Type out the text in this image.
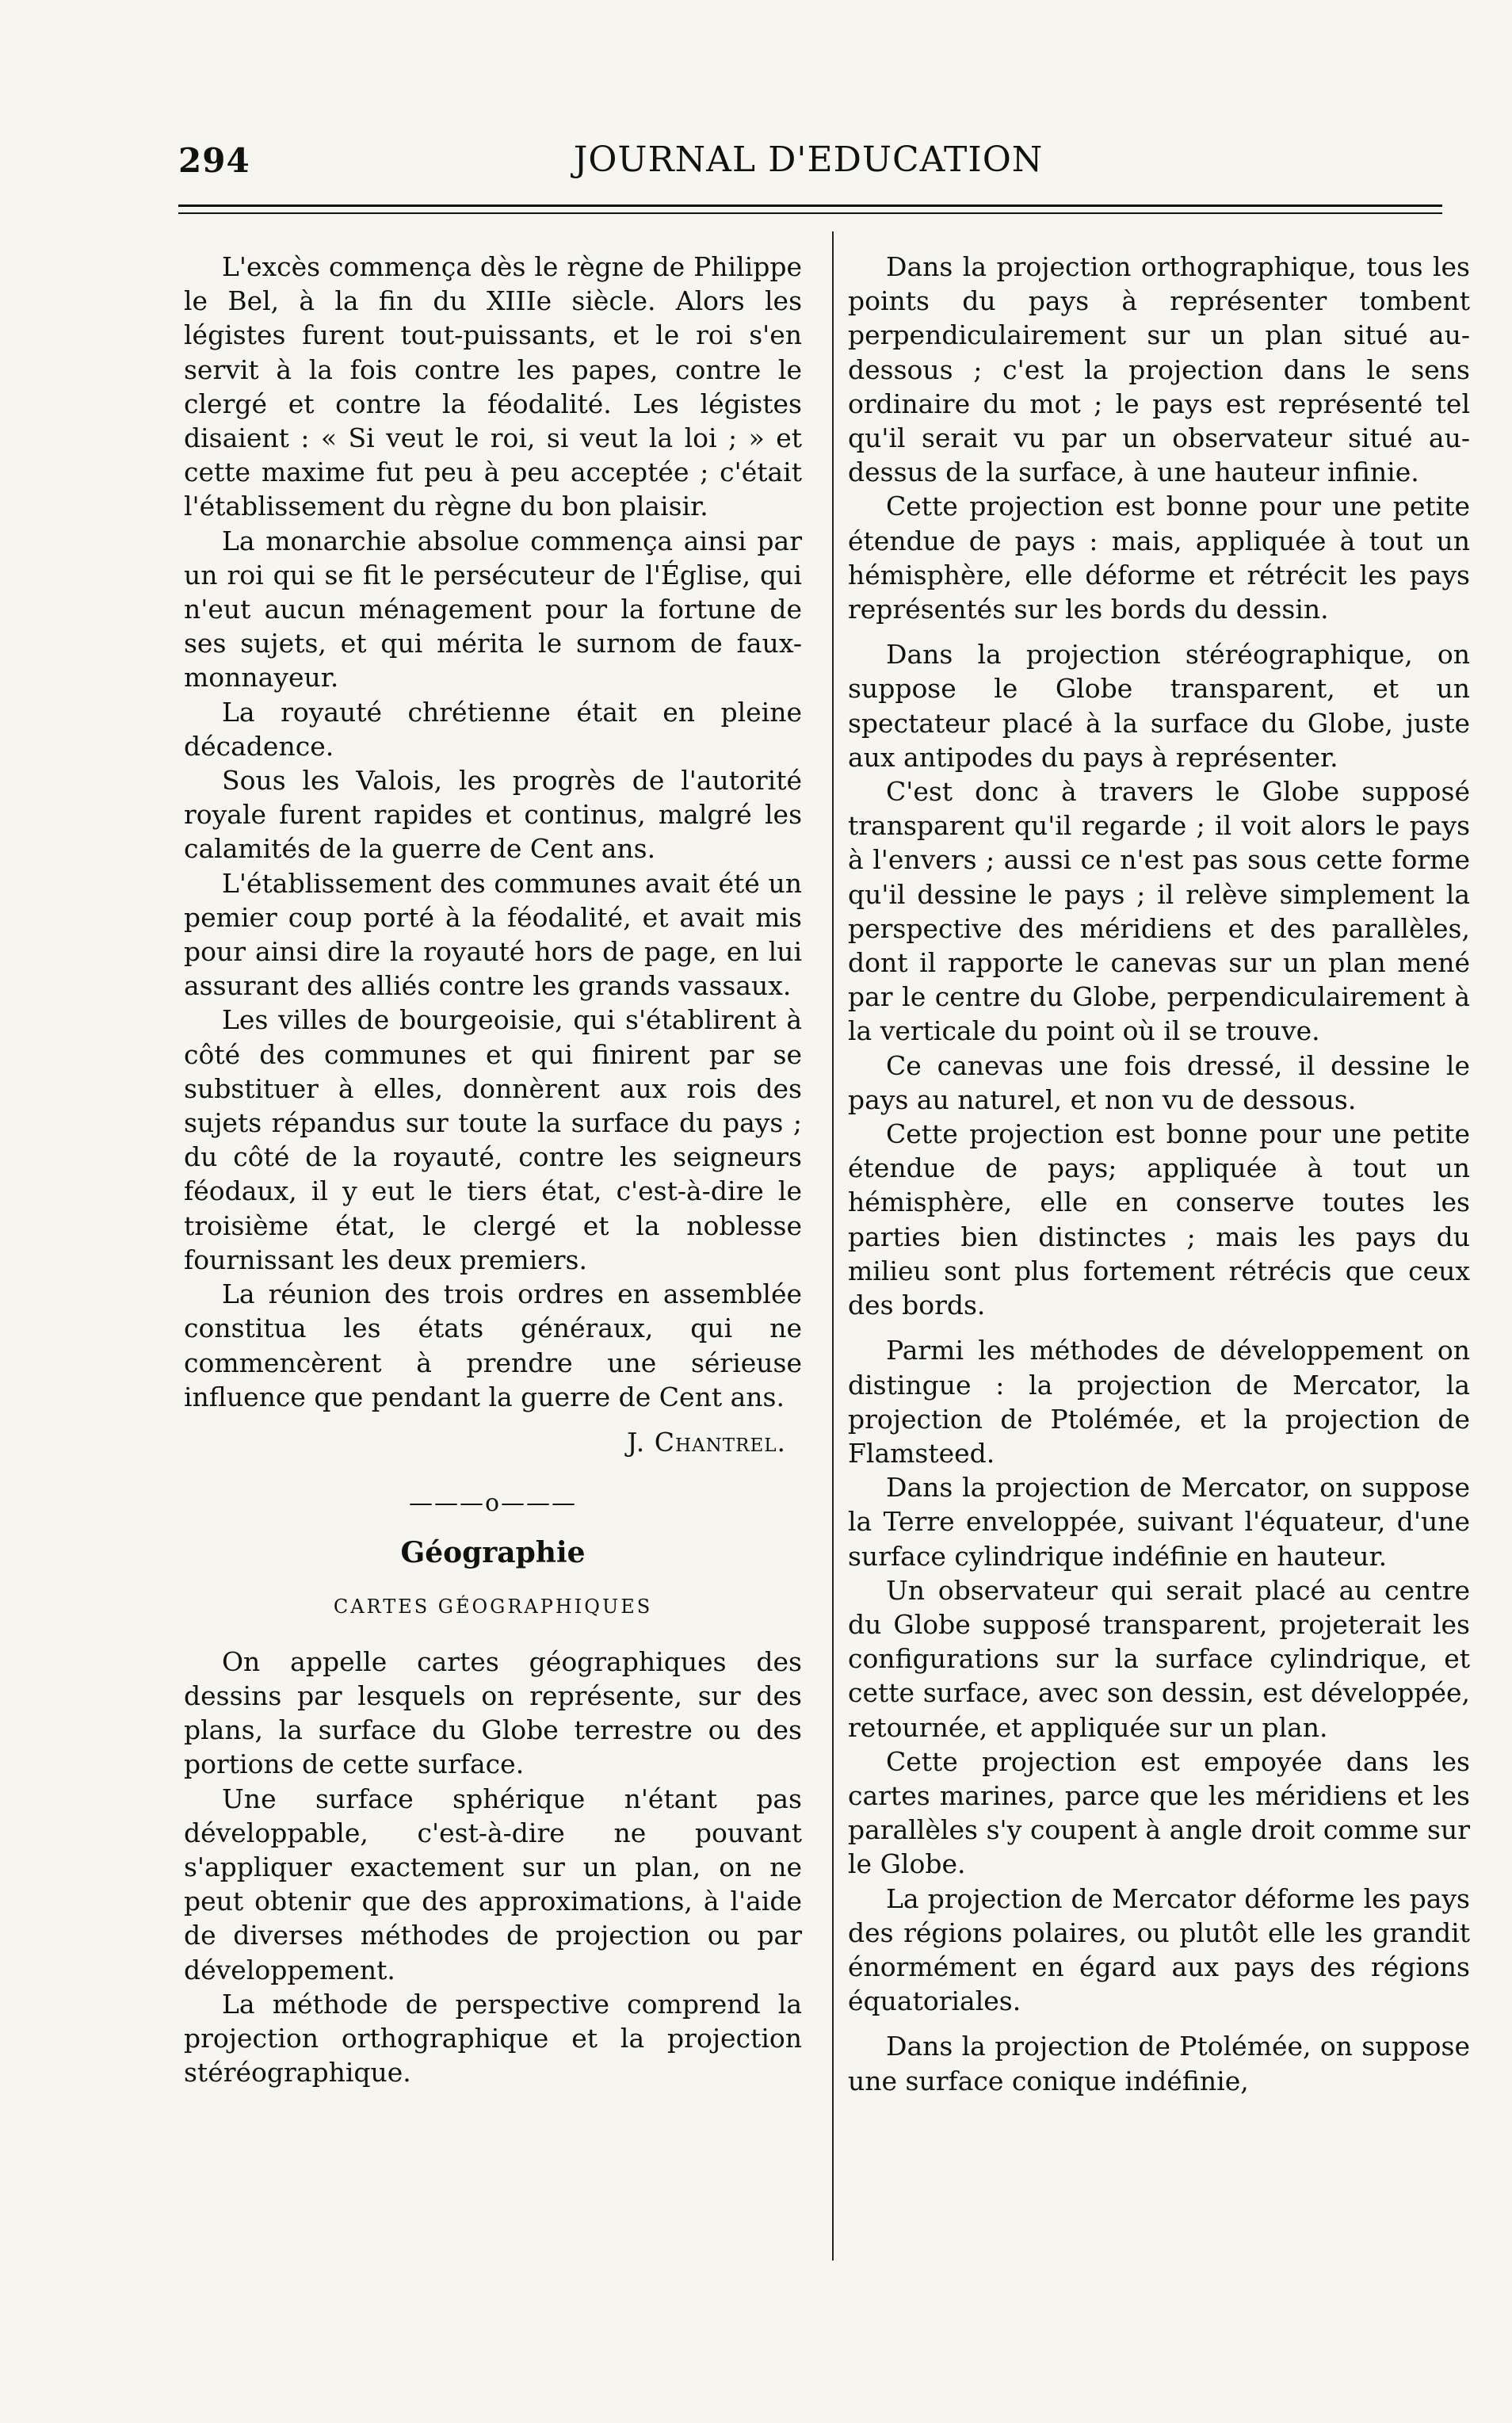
294	JOURNAL D'EDUCATION

L'excès commença dès le règne de Philippe le Bel, à la fin du XIIIe siècle. Alors les légistes furent tout-puissants, et le roi s'en servit à la fois contre les papes, contre le clergé et contre la féodalité. Les légistes disaient : « Si veut le roi, si veut la loi ; » et cette maxime fut peu à peu acceptée ; c'était l'établissement du règne du bon plaisir.

La monarchie absolue commença ainsi par un roi qui se fit le persécuteur de l'Église, qui n'eut aucun ménagement pour la fortune de ses sujets, et qui mérita le surnom de faux-monnayeur.

La royauté chrétienne était en pleine décadence.

Sous les Valois, les progrès de l'autorité royale furent rapides et continus, malgré les calamités de la guerre de Cent ans.

L'établissement des communes avait été un pemier coup porté à la féodalité, et avait mis pour ainsi dire la royauté hors de page, en lui assurant des alliés contre les grands vassaux.

Les villes de bourgeoisie, qui s'établirent à côté des communes et qui finirent par se substituer à elles, donnèrent aux rois des sujets répandus sur toute la surface du pays ; du côté de la royauté, contre les seigneurs féodaux, il y eut le tiers état, c'est-à-dire le troisième état, le clergé et la noblesse fournissant les deux premiers.

La réunion des trois ordres en assemblée constitua les états généraux, qui ne commencèrent à prendre une sérieuse influence que pendant la guerre de Cent ans.

J. Chantrel.
———o———
Géographie
CARTES GÉOGRAPHIQUES

On appelle cartes géographiques des dessins par lesquels on représente, sur des plans, la surface du Globe terrestre ou des portions de cette surface.

Une surface sphérique n'étant pas développable, c'est-à-dire ne pouvant s'appliquer exactement sur un plan, on ne peut obtenir que des approximations, à l'aide de diverses méthodes de projection ou par développement.

La méthode de perspective comprend la projection orthographique et la projection stéréographique.

Dans la projection orthographique, tous les points du pays à représenter tombent perpendiculairement sur un plan situé au-dessous ; c'est la projection dans le sens ordinaire du mot ; le pays est représenté tel qu'il serait vu par un observateur situé au-dessus de la surface, à une hauteur infinie.

Cette projection est bonne pour une petite étendue de pays : mais, appliquée à tout un hémisphère, elle déforme et rétrécit les pays représentés sur les bords du dessin.

Dans la projection stéréographique, on suppose le Globe transparent, et un spectateur placé à la surface du Globe, juste aux antipodes du pays à représenter.

C'est donc à travers le Globe supposé transparent qu'il regarde ; il voit alors le pays à l'envers ; aussi ce n'est pas sous cette forme qu'il dessine le pays ; il relève simplement la perspective des méridiens et des parallèles, dont il rapporte le canevas sur un plan mené par le centre du Globe, perpendiculairement à la verticale du point où il se trouve.

Ce canevas une fois dressé, il dessine le pays au naturel, et non vu de dessous.

Cette projection est bonne pour une petite étendue de pays; appliquée à tout un hémisphère, elle en conserve toutes les parties bien distinctes ; mais les pays du milieu sont plus fortement rétrécis que ceux des bords.

Parmi les méthodes de développement on distingue : la projection de Mercator, la projection de Ptolémée, et la projection de Flamsteed.

Dans la projection de Mercator, on suppose la Terre enveloppée, suivant l'équateur, d'une surface cylindrique indéfinie en hauteur.

Un observateur qui serait placé au centre du Globe supposé transparent, projeterait les configurations sur la surface cylindrique, et cette surface, avec son dessin, est développée, retournée, et appliquée sur un plan.

Cette projection est empoyée dans les cartes marines, parce que les méridiens et les parallèles s'y coupent à angle droit comme sur le Globe.

La projection de Mercator déforme les pays des régions polaires, ou plutôt elle les grandit énormément en égard aux pays des régions équatoriales.

Dans la projection de Ptolémée, on suppose une surface conique indéfinie,
